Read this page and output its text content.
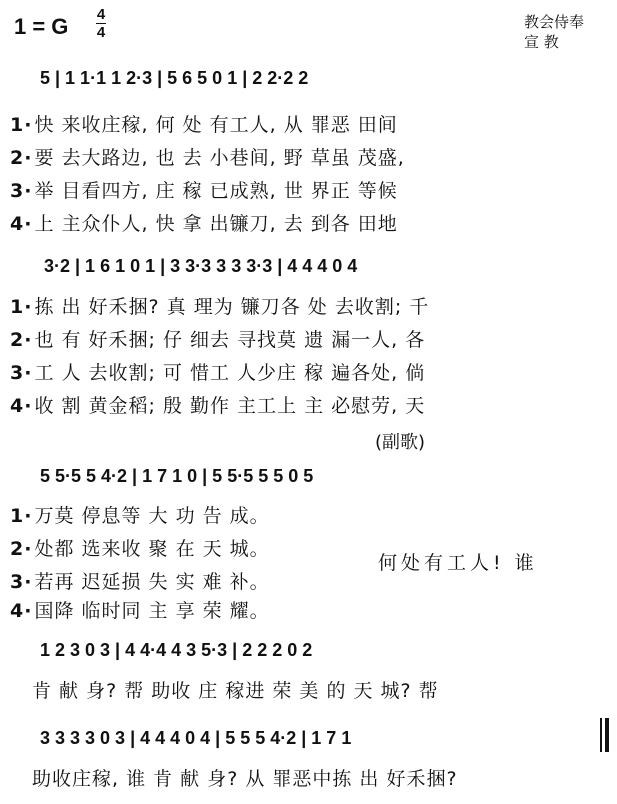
1 = G 4
4
教会侍奉
宣 教
5 | 1 1·1 1 2·3 | 5 6 5 0 1 | 2 2·2 2
1· 快 来收庄稼, 何 处 有工人, 从 罪恶 田间
2· 要 去大路边, 也 去 小巷间, 野 草虽 茂盛,
3· 举 目看四方, 庄 稼 已成熟, 世 界正 等候
4· 上 主众仆人, 快 拿 出镰刀, 去 到各 田地
3·2 | 1 6 1 0 1 | 3 3·3 3 3 3·3 | 4 4 4 0 4
1· 拣 出 好禾捆? 真 理为 镰刀各 处 去收割; 千
2· 也 有 好禾捆; 仔 细去 寻找莫 遗 漏一人, 各
3· 工 人 去收割; 可 惜工 人少庄 稼 遍各处, 倘
4· 收 割 黄金稻; 殷 勤作 主工上 主 必慰劳, 天
(副歌)
5 5·5 5 4·2 | 1 7 1 0 | 5 5·5 5 5 0 5
1· 万莫 停息等 大 功 告 成。
2· 处都 选来收 聚 在 天 城。
3· 若再 迟延损 失 实 难 补。
4· 国降 临时同 主 享 荣 耀。
何处有工人! 谁
1 2 3 0 3 | 4 4·4 4 3 5·3 | 2 2 2 0 2
肯 献 身? 帮 助收 庄 稼进 荣 美 的 天 城? 帮
3 3 3 3 0 3 | 4 4 4 0 4 | 5 5 5 4·2 | 1 7 1
助收庄稼, 谁 肯 献 身? 从 罪恶中拣 出 好禾捆?
